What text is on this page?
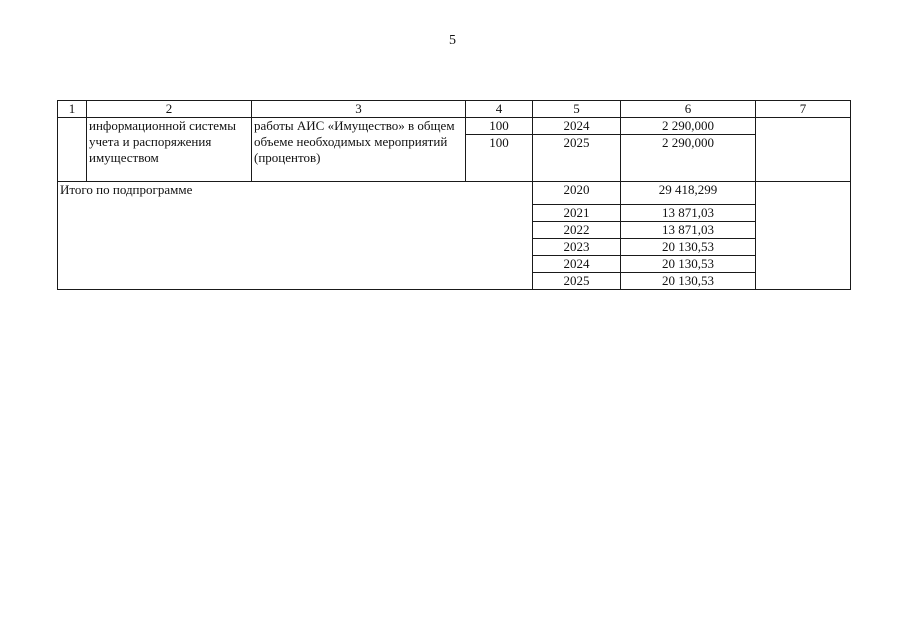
5
1	2	3	4	5	6	7
	информационной системы учета и распоряжения имуществом	работы АИС «Имущество» в общем объеме необходимых мероприятий (процентов)	100	2024	2 290,000	
			100	2025	2 290,000	
Итого по подпрограмме				2020	29 418,299	
				2021	13 871,03	
				2022	13 871,03	
				2023	20 130,53	
				2024	20 130,53	
				2025	20 130,53	
